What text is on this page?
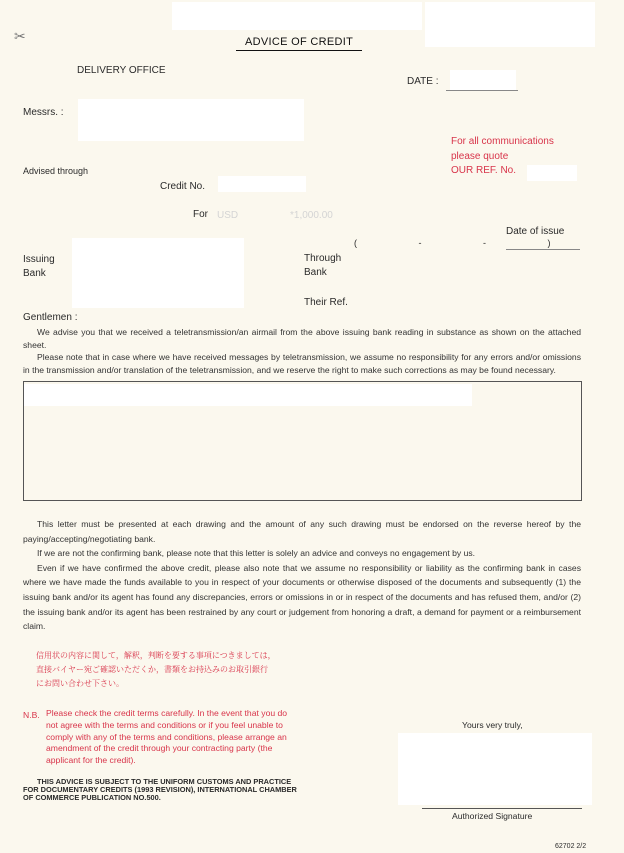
✂	ADVICE OF CREDIT
DELIVERY OFFICE
DATE :
Messrs. :
For all communications
please quote
OUR REF. No.
Advised through
Credit No.
For USD	*1,000.00
Date of issue
(   -   -   )
Issuing
Bank
Through
Bank
Their Ref.
Gentlemen :

We advise you that we received a teletransmission/an airmail from the above issuing bank reading in substance as shown on the attached sheet.

Please note that in case where we have received messages by teletransmission, we assume no responsibility for any errors and/or omissions in the transmission and/or translation of the teletransmission, and we reserve the right to make such corrections as may be found necessary.

This letter must be presented at each drawing and the amount of any such drawing must be endorsed on the reverse hereof by the paying/accepting/negotiating bank.

If we are not the confirming bank, please note that this letter is solely an advice and conveys no engagement by us.

Even if we have confirmed the above credit, please also note that we assume no responsibility or liability as the confirming bank in cases where we have made the funds available to you in respect of your documents or otherwise disposed of the documents and subsequently (1) the issuing bank and/or its agent has found any discrepancies, errors or omissions in or in respect of the documents and has refused them, and/or (2) the issuing bank and/or its agent has been restrained by any court or judgement from honoring a draft, a demand for payment or a reimbursement claim.

信用状の内容に関して，解釈，判断を要する事項につきましては，
直接バイヤー宛ご確認いただくか，書類をお持込みのお取引銀行
にお問い合わせ下さい。
N.B. Please check the credit terms carefully. In the event that you do not agree with the terms and conditions or if you feel unable to comply with any of the terms and conditions, please arrange an amendment of the credit through your contracting party (the applicant for the credit).
Yours very truly,
Authorized Signature
THIS ADVICE IS SUBJECT TO THE UNIFORM CUSTOMS AND PRACTICE
FOR DOCUMENTARY CREDITS (1993 REVISION), INTERNATIONAL CHAMBER
OF COMMERCE PUBLICATION NO.500.
62702 2/2
